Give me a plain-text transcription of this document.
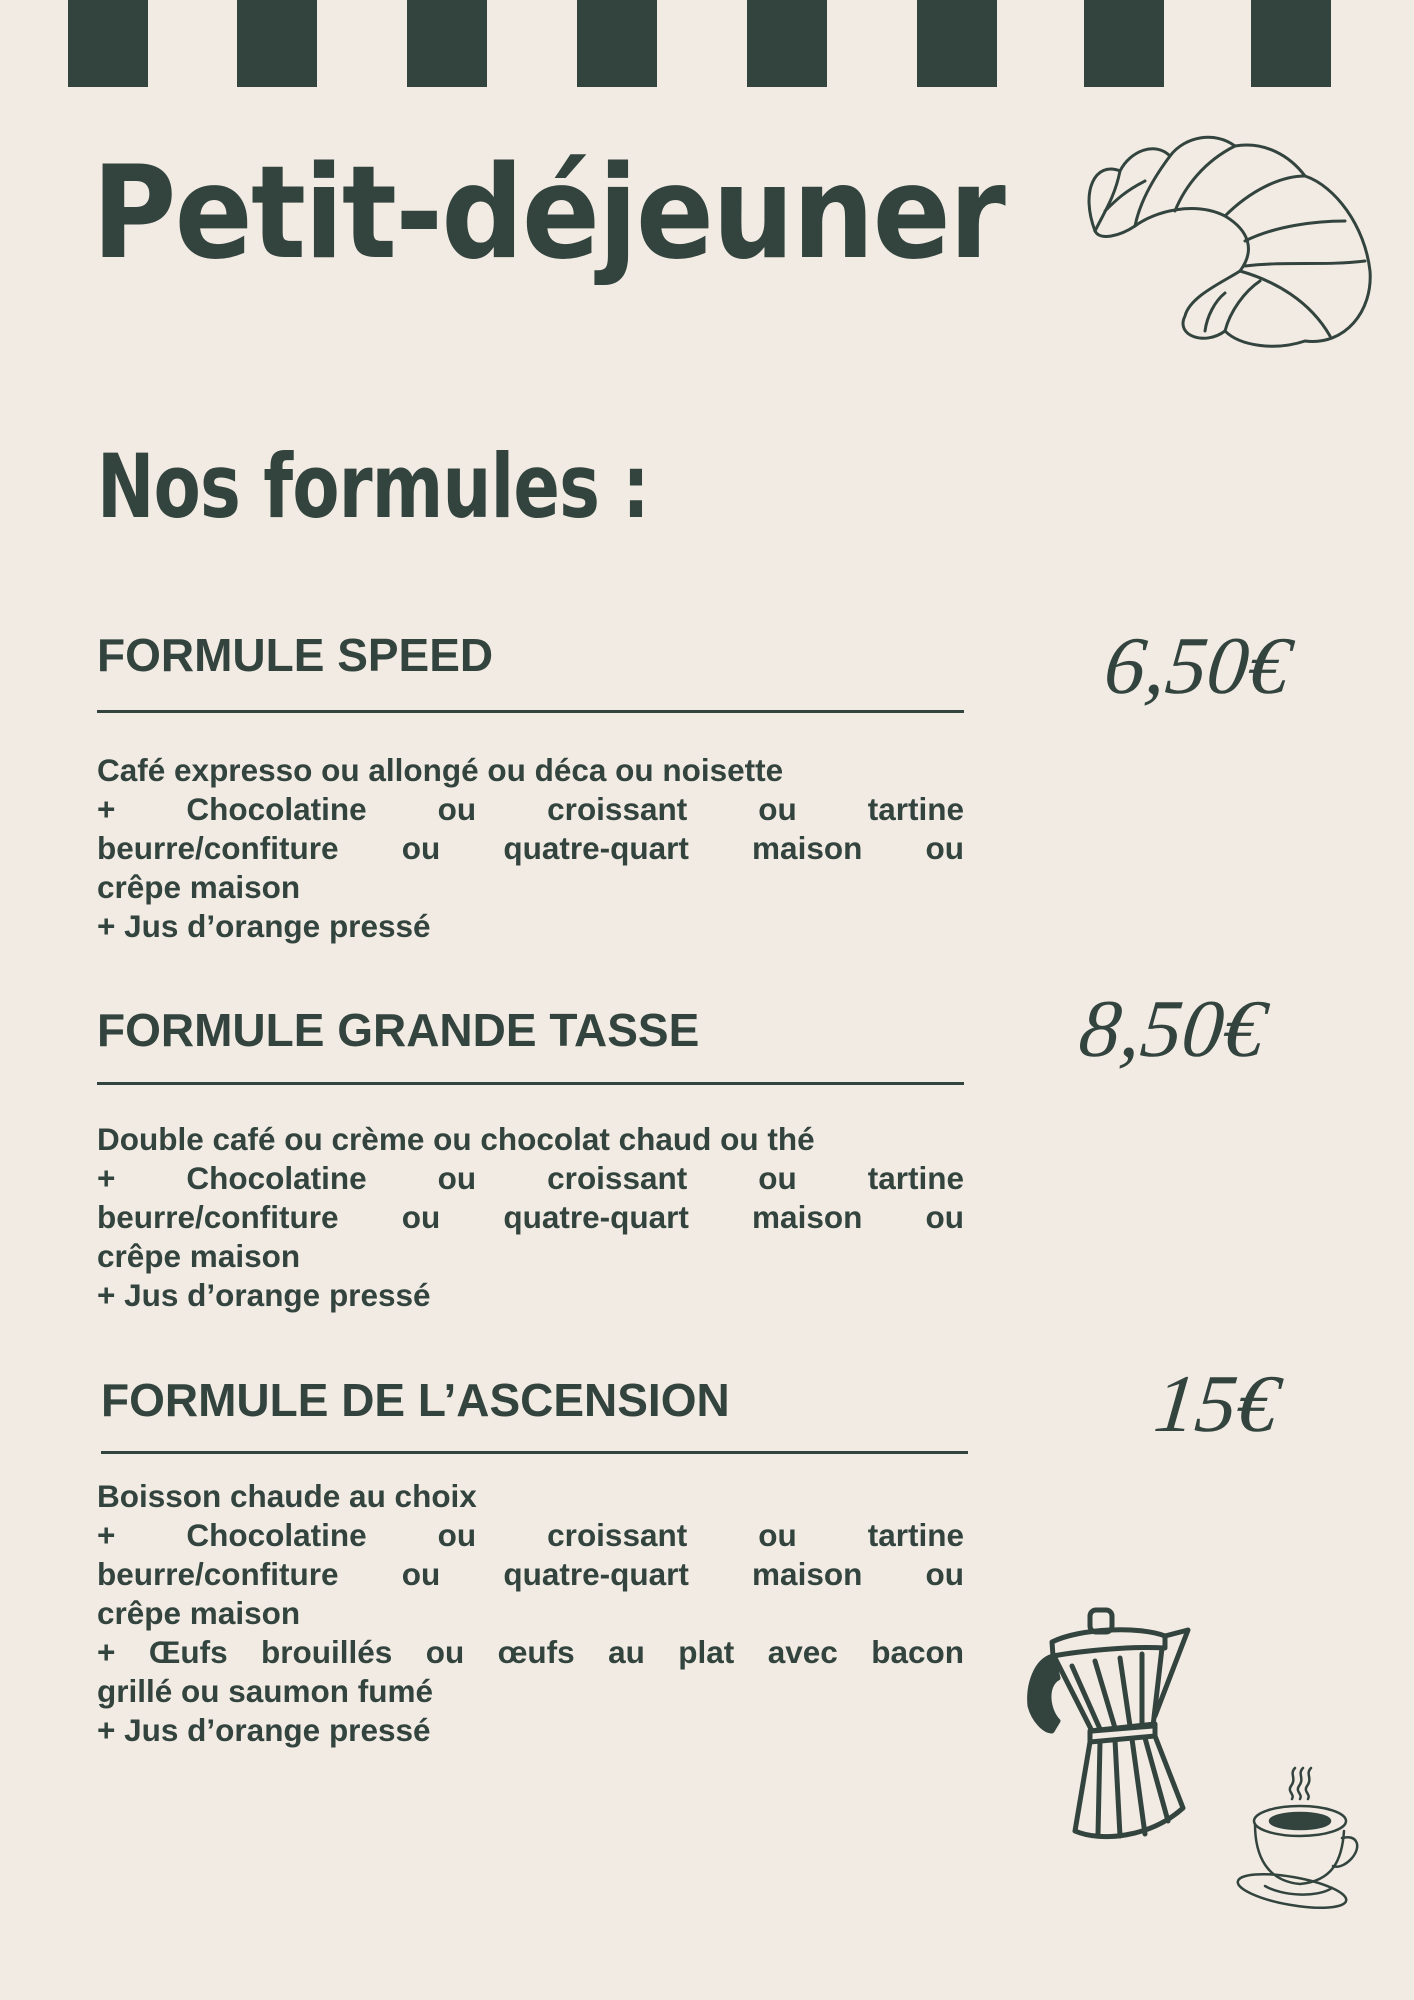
Petit-déjeuner
Nos formules :
FORMULE SPEED	6,50€
Café expresso ou allongé ou déca ou noisette
+ Chocolatine ou croissant ou tartine
beurre/confiture ou quatre-quart maison ou
crêpe maison
+ Jus d’orange pressé
FORMULE GRANDE TASSE	8,50€
Double café ou crème ou chocolat chaud ou thé
+ Chocolatine ou croissant ou tartine
beurre/confiture ou quatre-quart maison ou
crêpe maison
+ Jus d’orange pressé
FORMULE DE L’ASCENSION	15€
Boisson chaude au choix
+ Chocolatine ou croissant ou tartine
beurre/confiture ou quatre-quart maison ou
crêpe maison
+ Œufs brouillés ou œufs au plat avec bacon
grillé ou saumon fumé
+ Jus d’orange pressé
